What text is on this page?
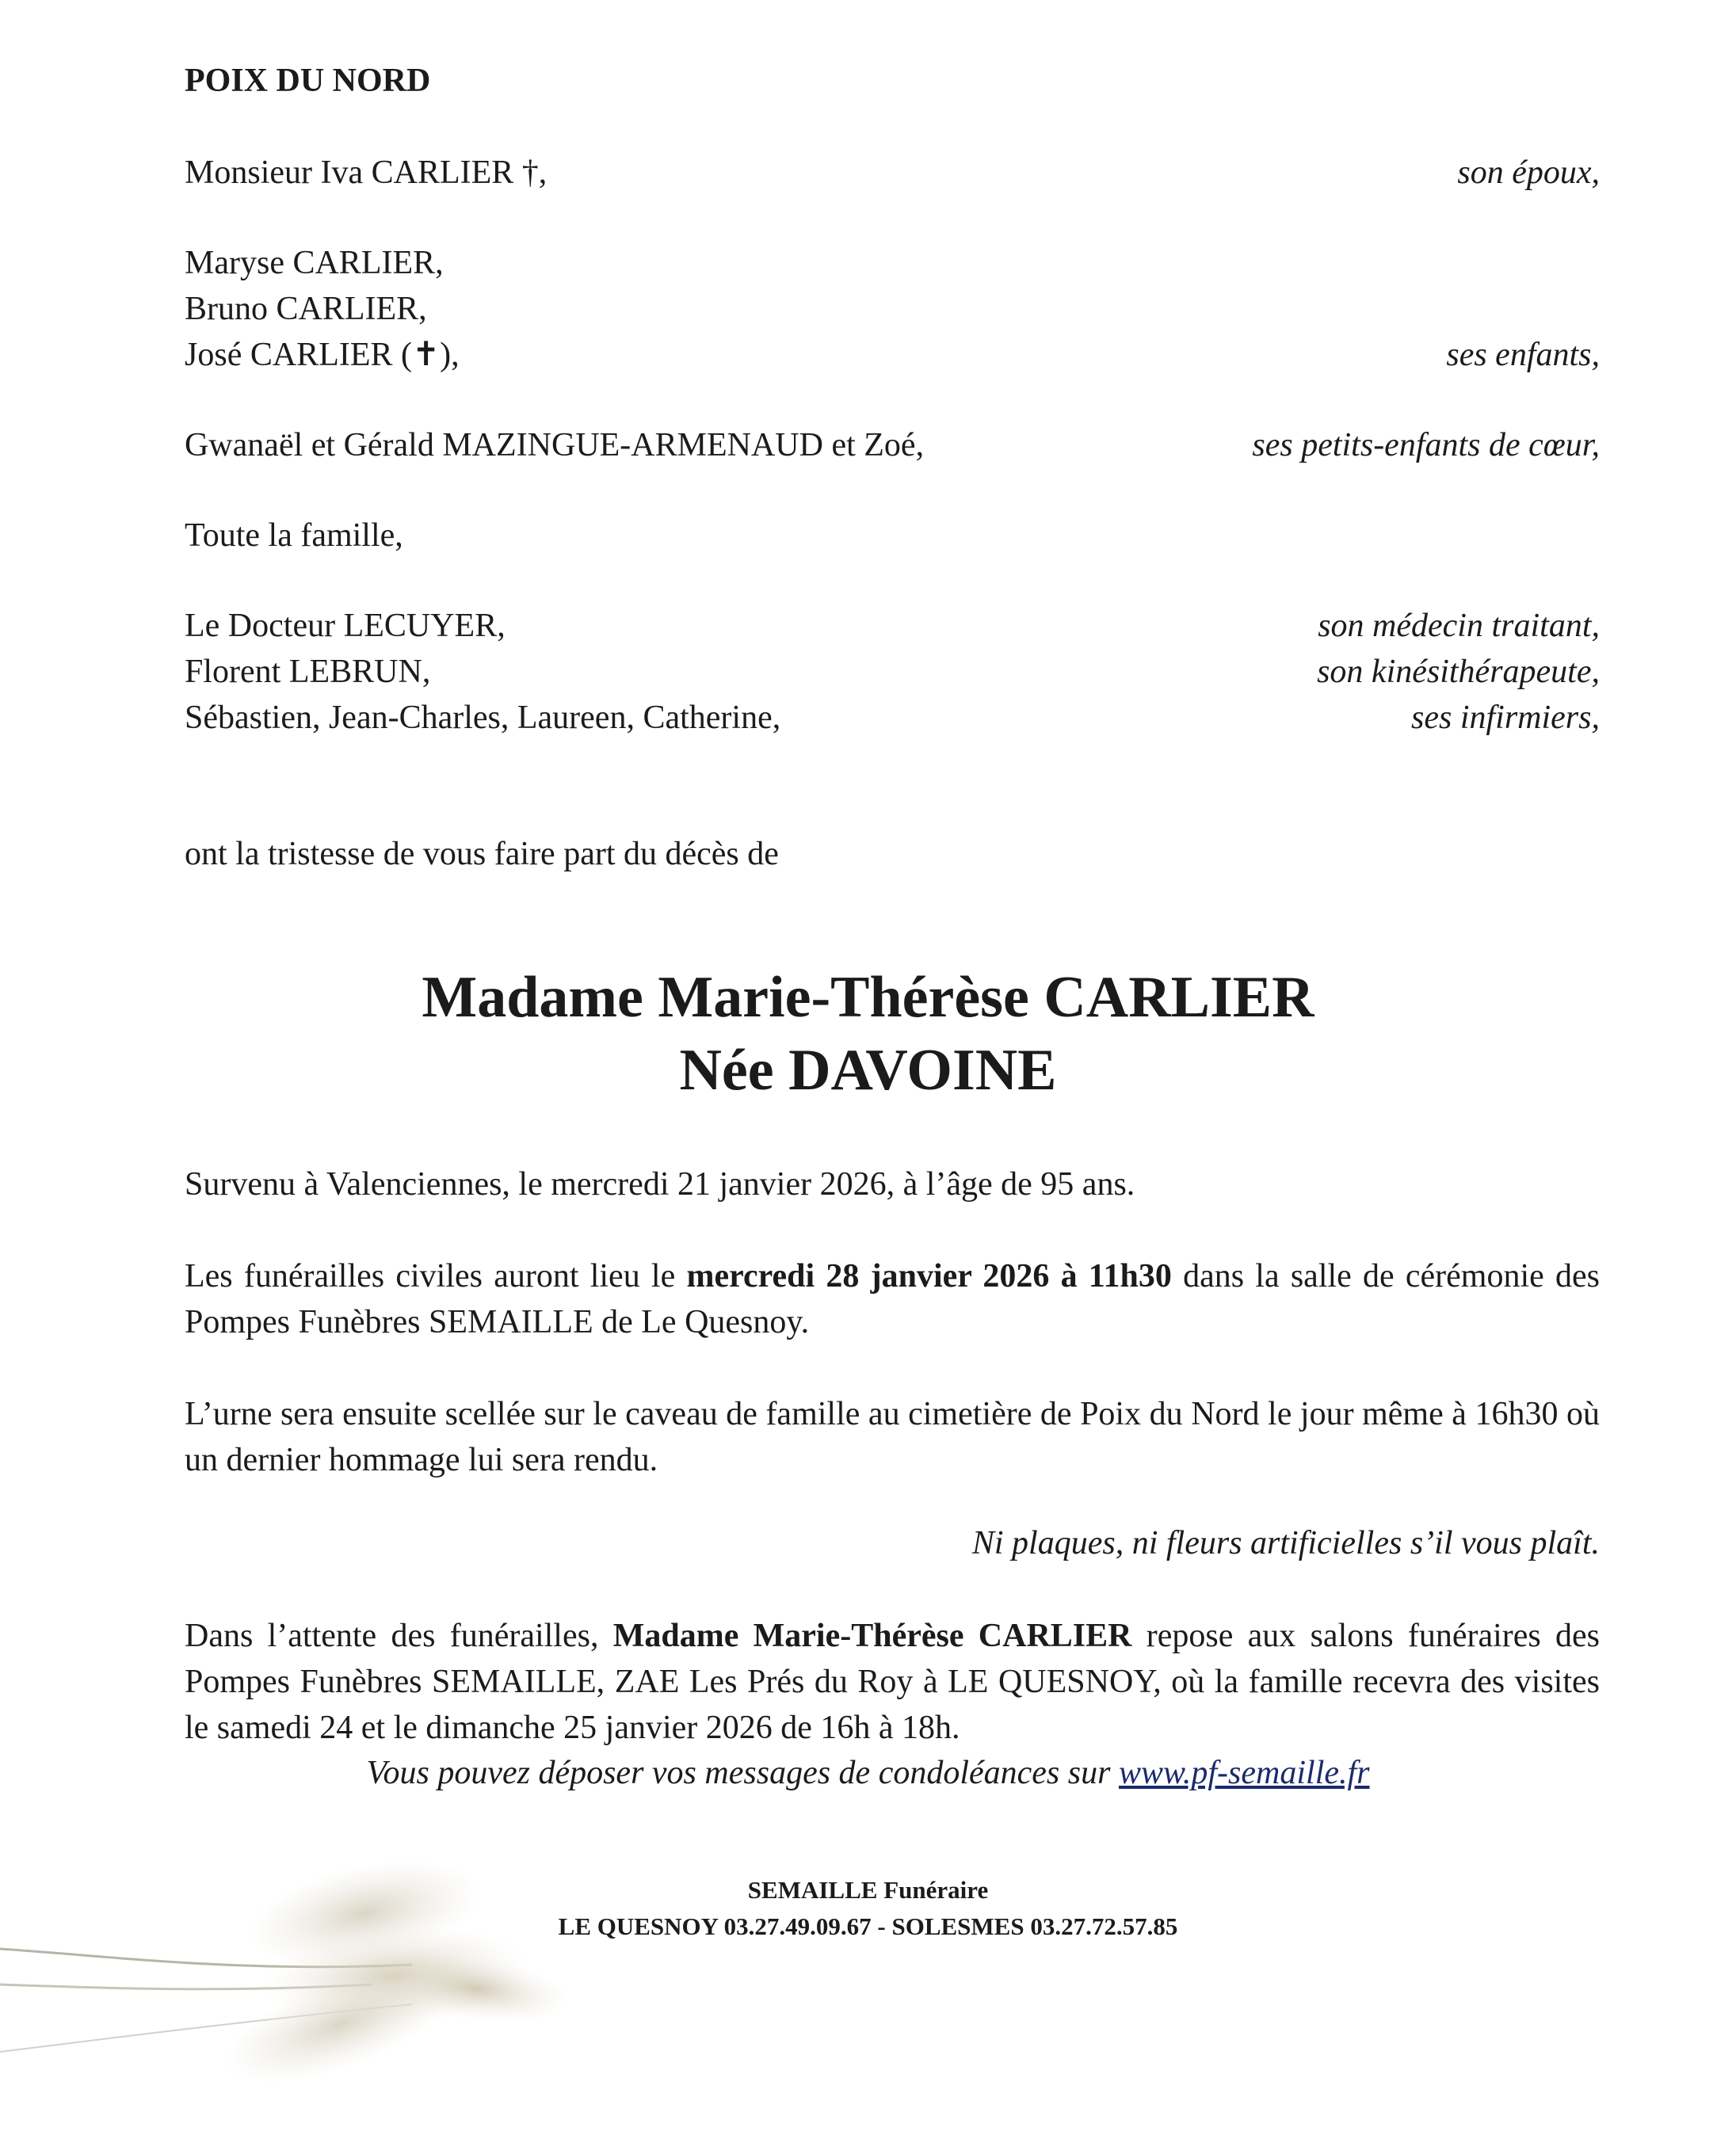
POIX DU NORD
Monsieur Iva CARLIER †,	son époux,
Maryse CARLIER,
Bruno CARLIER,
José CARLIER (✝),	ses enfants,
Gwanaël et Gérald MAZINGUE-ARMENAUD et Zoé,	ses petits-enfants de cœur,
Toute la famille,
Le Docteur LECUYER,	son médecin traitant,
Florent LEBRUN,	son kinésithérapeute,
Sébastien, Jean-Charles, Laureen, Catherine,	ses infirmiers,
ont la tristesse de vous faire part du décès de
Madame Marie-Thérèse CARLIER
Née DAVOINE
Survenu à Valenciennes, le mercredi 21 janvier 2026, à l’âge de 95 ans.
Les funérailles civiles auront lieu le mercredi 28 janvier 2026 à 11h30 dans la salle de cérémonie des Pompes Funèbres SEMAILLE de Le Quesnoy.
L’urne sera ensuite scellée sur le caveau de famille au cimetière de Poix du Nord le jour même à 16h30 où un dernier hommage lui sera rendu.
Ni plaques, ni fleurs artificielles s’il vous plaît.
Dans l’attente des funérailles, Madame Marie-Thérèse CARLIER repose aux salons funéraires des Pompes Funèbres SEMAILLE, ZAE Les Prés du Roy à LE QUESNOY, où la famille recevra des visites le samedi 24 et le dimanche 25 janvier 2026 de 16h à 18h.
Vous pouvez déposer vos messages de condoléances sur www.pf-semaille.fr
SEMAILLE Funéraire
LE QUESNOY 03.27.49.09.67 - SOLESMES 03.27.72.57.85
